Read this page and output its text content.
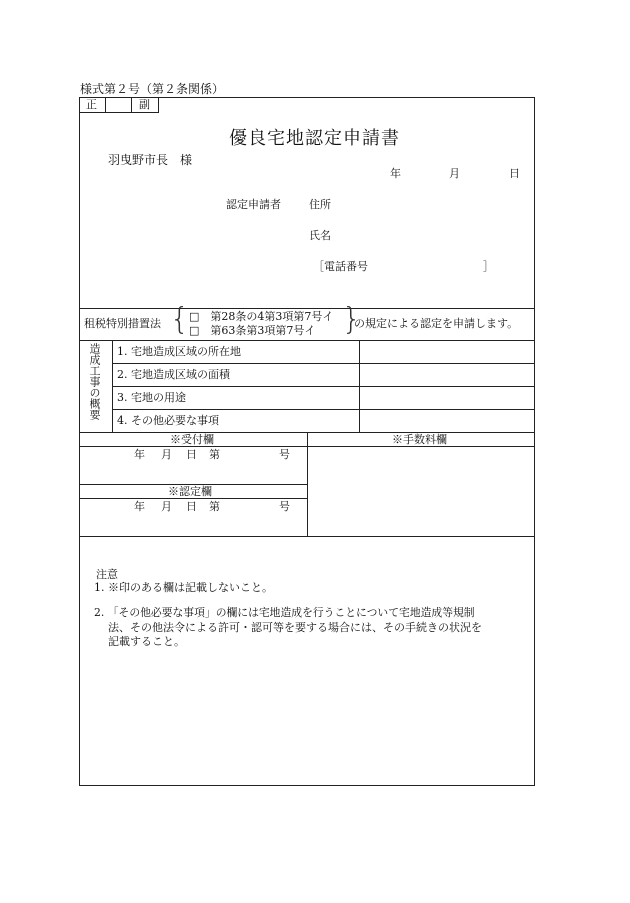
様式第２号（第２条関係）
正	副
優良宅地認定申請書
羽曳野市長　様
年	月	日
認定申請者	住所
氏名
［電話番号	］
租税特別措置法 { □　第28条の4第3項第7号イ
□　第63条第3項第7号イ }
の規定による認定を申請します。
造成工事の概要 1. 宅地造成区域の所在地
2. 宅地造成区域の面積
3. 宅地の用途
4. その他必要な事項
※受付欄	※手数料欄
年 月 日 第	号
※認定欄
年 月 日 第	号
注意
1. ※印のある欄は記載しないこと。
2. 「その他必要な事項」の欄には宅地造成を行うことについて宅地造成等規制
法、その他法令による許可・認可等を要する場合には、その手続きの状況を
記載すること。
